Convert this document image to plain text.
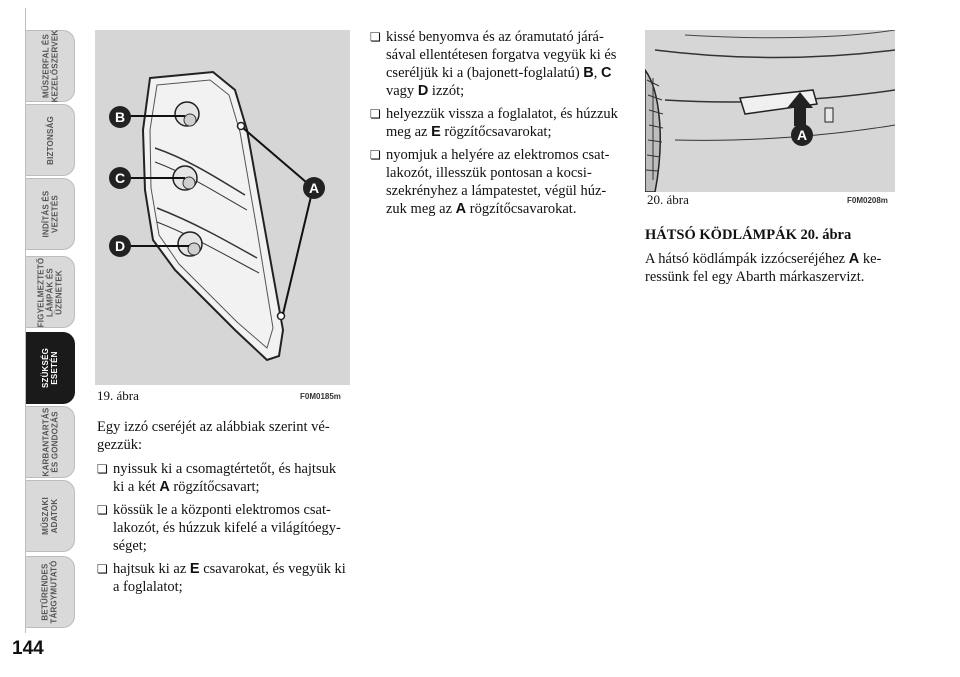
MŰSZERFAL ÉS
KEZELŐSZERVEK
BIZTONSÁG
INDÍTÁS ÉS
VEZETÉS
FIGYELMEZTETŐ
LÁMPÁK ÉS
ÜZENETEK
SZÜKSÉG ESETÉN
KARBANTARTÁS
ÉS GONDOZÁS
MŰSZAKI
ADATOK
BETŰRENDES
TÁRGYMUTATÓ
144
B
C
D
A
19. ábra	F0M0185m
A
20. ábra	F0M0208m

Egy izzó cseréjét az alábbiak szerint vé-gezzük:

❏ nyissuk ki a csomagtértetőt, és hajtsuk ki a két A rögzítőcsavart;
❏ kössük le a központi elektromos csat-lakozót, és húzzuk kifelé a világítóegy-séget;
❏ hajtsuk ki az E csavarokat, és vegyük ki a foglalatot;
❏ kissé benyomva és az óramutató járá-sával ellentétesen forgatva vegyük ki és cseréljük ki a (bajonett-foglalatú) B, C vagy D izzót;
❏ helyezzük vissza a foglalatot, és húzzuk meg az E rögzítőcsavarokat;
❏ nyomjuk a helyére az elektromos csat-lakozót, illesszük pontosan a kocsi-szekrényhez a lámpatestet, végül húz-zuk meg az A rögzítőcsavarokat.
HÁTSÓ KÖDLÁMPÁK 20. ábra

A hátsó ködlámpák izzócseréjéhez A ke-ressünk fel egy Abarth márkaszervizt.
